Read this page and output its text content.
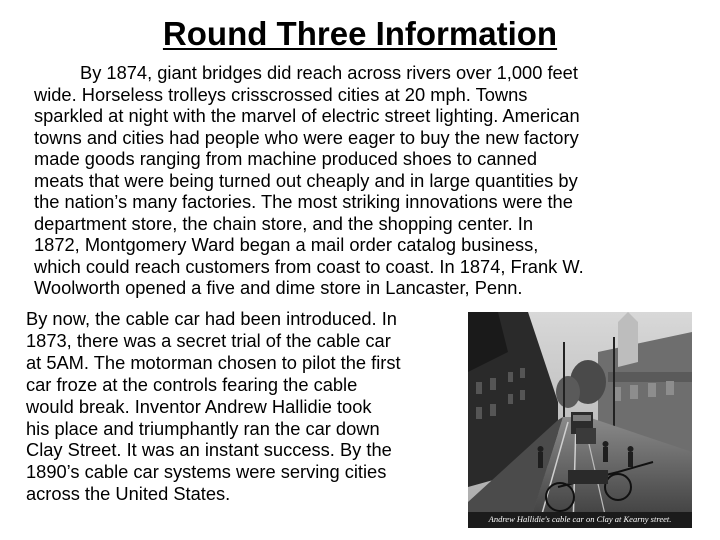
Round Three Information
By 1874, giant bridges did reach across rivers over 1,000 feet
wide. Horseless trolleys crisscrossed cities at 20 mph. Towns
sparkled at night with the marvel of electric street lighting. American
towns and cities had people who were eager to buy the new factory
made goods ranging from machine produced shoes to canned
meats that were being turned out cheaply and in large quantities by
the nation’s many factories. The most striking innovations were the
department store, the chain store, and the shopping center. In
1872, Montgomery Ward began a mail order catalog business,
which could reach customers from coast to coast. In 1874, Frank W.
Woolworth opened a five and dime store in Lancaster, Penn.
By now, the cable car had been introduced. In
1873, there was a secret trial of the cable car
at 5AM. The motorman chosen to pilot the first
car froze at the controls fearing the cable
would break. Inventor Andrew Hallidie took
his place and triumphantly ran the car down
Clay Street. It was an instant success. By the
1890’s cable car systems were serving cities
across the United States.
Andrew Hallidie's cable car on Clay at Kearny street.
